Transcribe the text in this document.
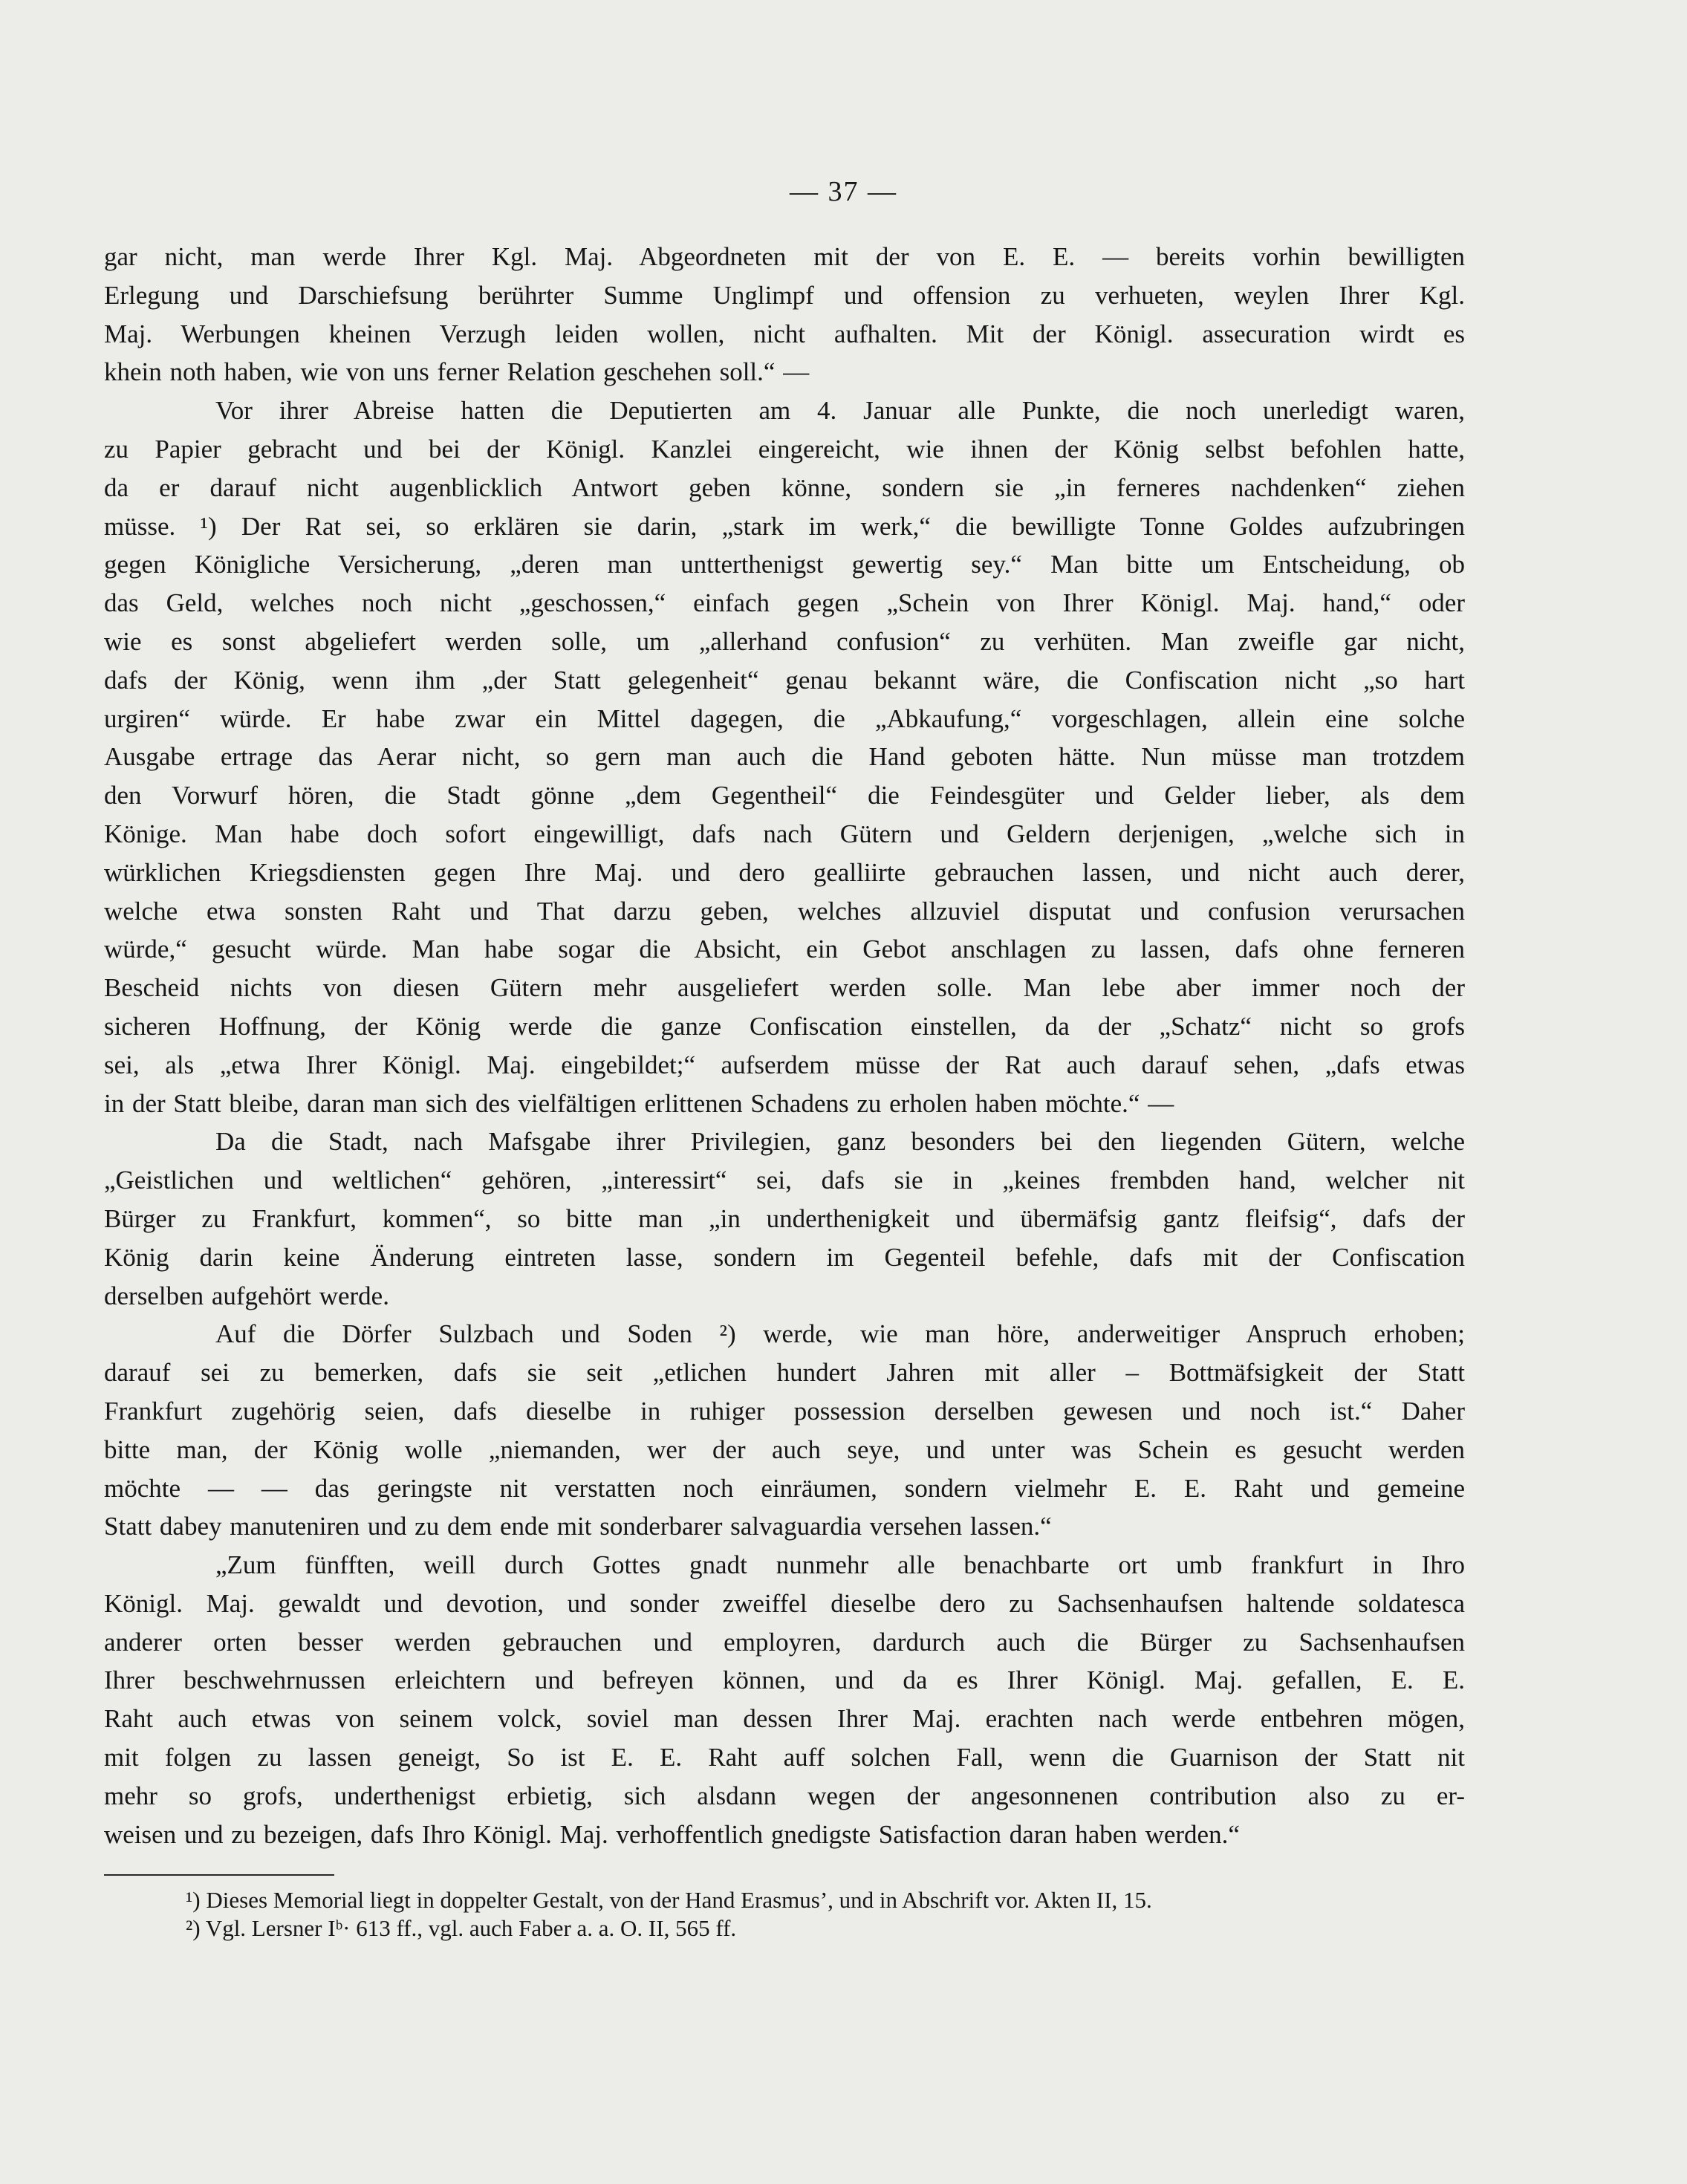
— 37 —
gar nicht, man werde Ihrer Kgl. Maj. Abgeordneten mit der von E. E. — bereits vorhin bewilligten
Erlegung und Darschiefsung berührter Summe Unglimpf und offension zu verhueten, weylen Ihrer Kgl.
Maj. Werbungen kheinen Verzugh leiden wollen, nicht aufhalten. Mit der Königl. assecuration wirdt es
khein noth haben, wie von uns ferner Relation geschehen soll.“ —
Vor ihrer Abreise hatten die Deputierten am 4. Januar alle Punkte, die noch unerledigt waren,
zu Papier gebracht und bei der Königl. Kanzlei eingereicht, wie ihnen der König selbst befohlen hatte,
da er darauf nicht augenblicklich Antwort geben könne, sondern sie „in ferneres nachdenken“ ziehen
müsse. ¹) Der Rat sei, so erklären sie darin, „stark im werk,“ die bewilligte Tonne Goldes aufzubringen
gegen Königliche Versicherung, „deren man untterthenigst gewertig sey.“ Man bitte um Entscheidung, ob
das Geld, welches noch nicht „geschossen,“ einfach gegen „Schein von Ihrer Königl. Maj. hand,“ oder
wie es sonst abgeliefert werden solle, um „allerhand confusion“ zu verhüten. Man zweifle gar nicht,
dafs der König, wenn ihm „der Statt gelegenheit“ genau bekannt wäre, die Confiscation nicht „so hart
urgiren“ würde. Er habe zwar ein Mittel dagegen, die „Abkaufung,“ vorgeschlagen, allein eine solche
Ausgabe ertrage das Aerar nicht, so gern man auch die Hand geboten hätte. Nun müsse man trotzdem
den Vorwurf hören, die Stadt gönne „dem Gegentheil“ die Feindesgüter und Gelder lieber, als dem
Könige. Man habe doch sofort eingewilligt, dafs nach Gütern und Geldern derjenigen, „welche sich in
würklichen Kriegsdiensten gegen Ihre Maj. und dero gealliirte gebrauchen lassen, und nicht auch derer,
welche etwa sonsten Raht und That darzu geben, welches allzuviel disputat und confusion verursachen
würde,“ gesucht würde. Man habe sogar die Absicht, ein Gebot anschlagen zu lassen, dafs ohne ferneren
Bescheid nichts von diesen Gütern mehr ausgeliefert werden solle. Man lebe aber immer noch der
sicheren Hoffnung, der König werde die ganze Confiscation einstellen, da der „Schatz“ nicht so grofs
sei, als „etwa Ihrer Königl. Maj. eingebildet;“ aufserdem müsse der Rat auch darauf sehen, „dafs etwas
in der Statt bleibe, daran man sich des vielfältigen erlittenen Schadens zu erholen haben möchte.“ —
Da die Stadt, nach Mafsgabe ihrer Privilegien, ganz besonders bei den liegenden Gütern, welche
„Geistlichen und weltlichen“ gehören, „interessirt“ sei, dafs sie in „keines frembden hand, welcher nit
Bürger zu Frankfurt, kommen“, so bitte man „in underthenigkeit und übermäfsig gantz fleifsig“, dafs der
König darin keine Änderung eintreten lasse, sondern im Gegenteil befehle, dafs mit der Confiscation
derselben aufgehört werde.
Auf die Dörfer Sulzbach und Soden ²) werde, wie man höre, anderweitiger Anspruch erhoben;
darauf sei zu bemerken, dafs sie seit „etlichen hundert Jahren mit aller – Bottmäfsigkeit der Statt
Frankfurt zugehörig seien, dafs dieselbe in ruhiger possession derselben gewesen und noch ist.“ Daher
bitte man, der König wolle „niemanden, wer der auch seye, und unter was Schein es gesucht werden
möchte — — das geringste nit verstatten noch einräumen, sondern vielmehr E. E. Raht und gemeine
Statt dabey manuteniren und zu dem ende mit sonderbarer salvaguardia versehen lassen.“
„Zum fünfften, weill durch Gottes gnadt nunmehr alle benachbarte ort umb frankfurt in Ihro
Königl. Maj. gewaldt und devotion, und sonder zweiffel dieselbe dero zu Sachsenhaufsen haltende soldatesca
anderer orten besser werden gebrauchen und employren, dardurch auch die Bürger zu Sachsenhaufsen
Ihrer beschwehrnussen erleichtern und befreyen können, und da es Ihrer Königl. Maj. gefallen, E. E.
Raht auch etwas von seinem volck, soviel man dessen Ihrer Maj. erachten nach werde entbehren mögen,
mit folgen zu lassen geneigt, So ist E. E. Raht auff solchen Fall, wenn die Guarnison der Statt nit
mehr so grofs, underthenigst erbietig, sich alsdann wegen der angesonnenen contribution also zu er-
weisen und zu bezeigen, dafs Ihro Königl. Maj. verhoffentlich gnedigste Satisfaction daran haben werden.“
¹) Dieses Memorial liegt in doppelter Gestalt, von der Hand Erasmus’, und in Abschrift vor. Akten II, 15.
²) Vgl. Lersner Iᵇ· 613 ff., vgl. auch Faber a. a. O. II, 565 ff.
